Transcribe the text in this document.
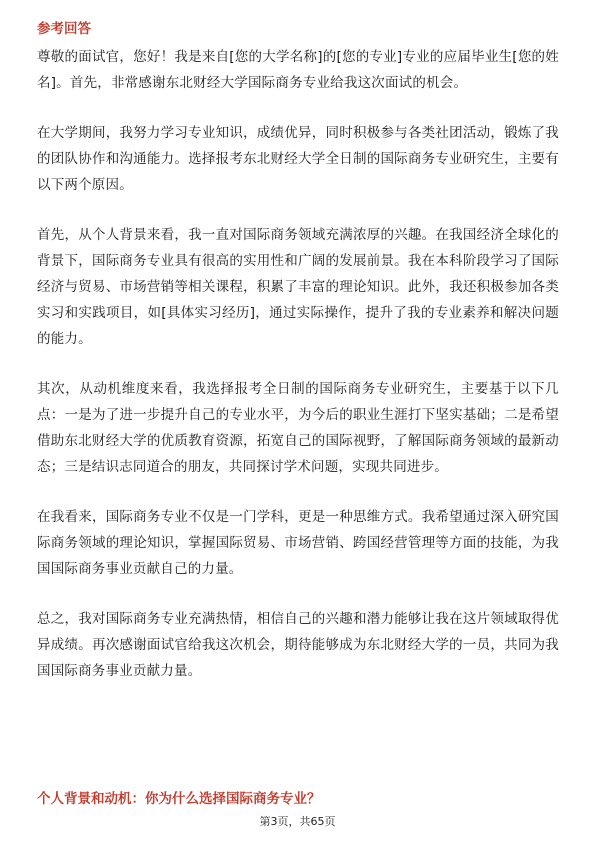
参考回答

尊敬的面试官，您好！我是来自[您的大学名称]的[您的专业]专业的应届毕业生[您的姓名]。首先，非常感谢东北财经大学国际商务专业给我这次面试的机会。

在大学期间，我努力学习专业知识，成绩优异，同时积极参与各类社团活动，锻炼了我的团队协作和沟通能力。选择报考东北财经大学全日制的国际商务专业研究生，主要有以下两个原因。

首先，从个人背景来看，我一直对国际商务领域充满浓厚的兴趣。在我国经济全球化的背景下，国际商务专业具有很高的实用性和广阔的发展前景。我在本科阶段学习了国际经济与贸易、市场营销等相关课程，积累了丰富的理论知识。此外，我还积极参加各类实习和实践项目，如[具体实习经历]，通过实际操作，提升了我的专业素养和解决问题的能力。

其次，从动机维度来看，我选择报考全日制的国际商务专业研究生，主要基于以下几点：一是为了进一步提升自己的专业水平，为今后的职业生涯打下坚实基础；二是希望借助东北财经大学的优质教育资源，拓宽自己的国际视野，了解国际商务领域的最新动态；三是结识志同道合的朋友，共同探讨学术问题，实现共同进步。

在我看来，国际商务专业不仅是一门学科，更是一种思维方式。我希望通过深入研究国际商务领域的理论知识，掌握国际贸易、市场营销、跨国经营管理等方面的技能，为我国国际商务事业贡献自己的力量。

总之，我对国际商务专业充满热情，相信自己的兴趣和潜力能够让我在这片领域取得优异成绩。再次感谢面试官给我这次机会，期待能够成为东北财经大学的一员，共同为我国国际商务事业贡献力量。

个人背景和动机：你为什么选择国际商务专业？
第3页，共65页
